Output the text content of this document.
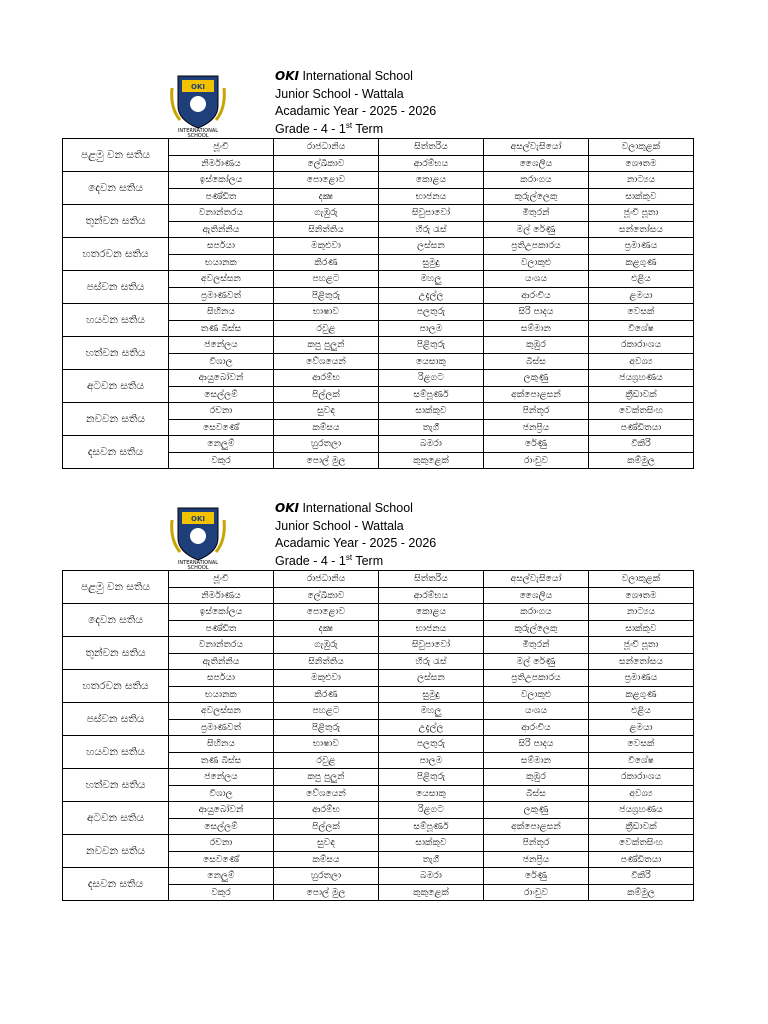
OKI
INTERNATIONAL
SCHOOL
OKI International School
Junior School - Wattala
Acadamic Year - 2025 - 2026
Grade - 4 - 1st Term
පළමු වන සතිය	ජූංචි	රාජධානිය	සිත්තරිය	අසල්වැසියෝ	වලාකුළක්
	නිර්මාණය	ලේඛිකාව	ආරම්භය	ශෛලිය	ශෞතම
දෙවන සතිය	ඉස්කෝලය	පොළොව	කොළය	කරාංගය	නාට්‍යය
	පණ්ඩිත	දක්‍ෂ	භාජනය	කුරුල්ලෙකු	සාක්කුව
තුන්වන සතිය	වනාන්තරය	ගැඹුරු	සිවුපාවෝ	මිතුරන්	ජූංචි පූතා
	ඇතින්නිය	සිනිත්තිය	හිරු රැස්	මල් රේණු	සන්තෝසය
හතරවන සතිය	සර්පයා	මකුළුවා	ලස්සන	ප්‍රතිඋපකාරය	ප්‍රමාණය
	භයානක	කිරණ	සුමුදු	වලාකුළු	කළගුණ
පස්වන සතිය	අවලස්සන	පහළට	මහලු	යංශය	එළිය
	ප්‍රමාණවත්	පිළිතුරු	උදැල්ල	ආරංචිය	ළමයා
හයවන සතිය	සිහිනය	භාෂාව	පලතුරු	සිරි පාදය	වෙසක්
	තණ බිස්ස	රවුළ	පාලම	සම්මාන	විශේෂ
හත්වන සතිය	ජනේලය	කපු පුලුන්	පිළිතුරු	කුඹුර	රකාරාංශය
	විශාල	වේශයෙන්	යෙසාකු	බිස්ස	අවශ්‍ය
අටවන සතිය	ආයුබෝවන්	ආරම්භ	රිළගට	ලකුණු	ජයග්‍රහණය
	සෙල්ලම්	පිල්ලක්	සම්පූර්ණ	අක්පොළසන්	ක්‍රීඩාවක්
නවවන සතිය	රචනා	සුවඳ	සාක්කුව	පින්තූර	වෙක්තසිංහ
	සෙවණේ	කම්සය	තැගී	ජනප්‍රිය	පණ්ඩිතයා
දසවන සතිය	නෙලුම්	හුරතලා	බමරා	රේණු	විකිරි
	වකුර	පොල් මුල	කුකුළෙක්	රාංචුව	කම්මුල
OKI
INTERNATIONAL
SCHOOL
OKI International School
Junior School - Wattala
Acadamic Year - 2025 - 2026
Grade - 4 - 1st Term
පළමු වන සතිය	ජූංචි	රාජධානිය	සිත්තරිය	අසල්වැසියෝ	වලාකුළක්
	නිර්මාණය	ලේඛිකාව	ආරම්භය	ශෛලිය	ශෞතම
දෙවන සතිය	ඉස්කෝලය	පොළොව	කොළය	කරාංගය	නාට්‍යය
	පණ්ඩිත	දක්‍ෂ	භාජනය	කුරුල්ලෙකු	සාක්කුව
තුන්වන සතිය	වනාන්තරය	ගැඹුරු	සිවුපාවෝ	මිතුරන්	ජූංචි පූතා
	ඇතින්නිය	සිනිත්තිය	හිරු රැස්	මල් රේණු	සන්තෝසය
හතරවන සතිය	සර්පයා	මකුළුවා	ලස්සන	ප්‍රතිඋපකාරය	ප්‍රමාණය
	භයානක	කිරණ	සුමුදු	වලාකුළු	කළගුණ
පස්වන සතිය	අවලස්සන	පහළට	මහලු	යංශය	එළිය
	ප්‍රමාණවත්	පිළිතුරු	උදැල්ල	ආරංචිය	ළමයා
හයවන සතිය	සිහිනය	භාෂාව	පලතුරු	සිරි පාදය	වෙසක්
	තණ බිස්ස	රවුළ	පාලම	සම්මාන	විශේෂ
හත්වන සතිය	ජනේලය	කපු පුලුන්	පිළිතුරු	කුඹුර	රකාරාංශය
	විශාල	වේශයෙන්	යෙසාකු	බිස්ස	අවශ්‍ය
අටවන සතිය	ආයුබෝවන්	ආරම්භ	රිළගට	ලකුණු	ජයග්‍රහණය
	සෙල්ලම්	පිල්ලක්	සම්පූර්ණ	අක්පොළසන්	ක්‍රීඩාවක්
නවවන සතිය	රචනා	සුවඳ	සාක්කුව	පින්තූර	වෙක්තසිංහ
	සෙවණේ	කම්සය	තැගී	ජනප්‍රිය	පණ්ඩිතයා
දසවන සතිය	නෙලුම්	හුරතලා	බමරා	රේණු	විකිරි
	වකුර	පොල් මුල	කුකුළෙක්	රාංචුව	කම්මුල
